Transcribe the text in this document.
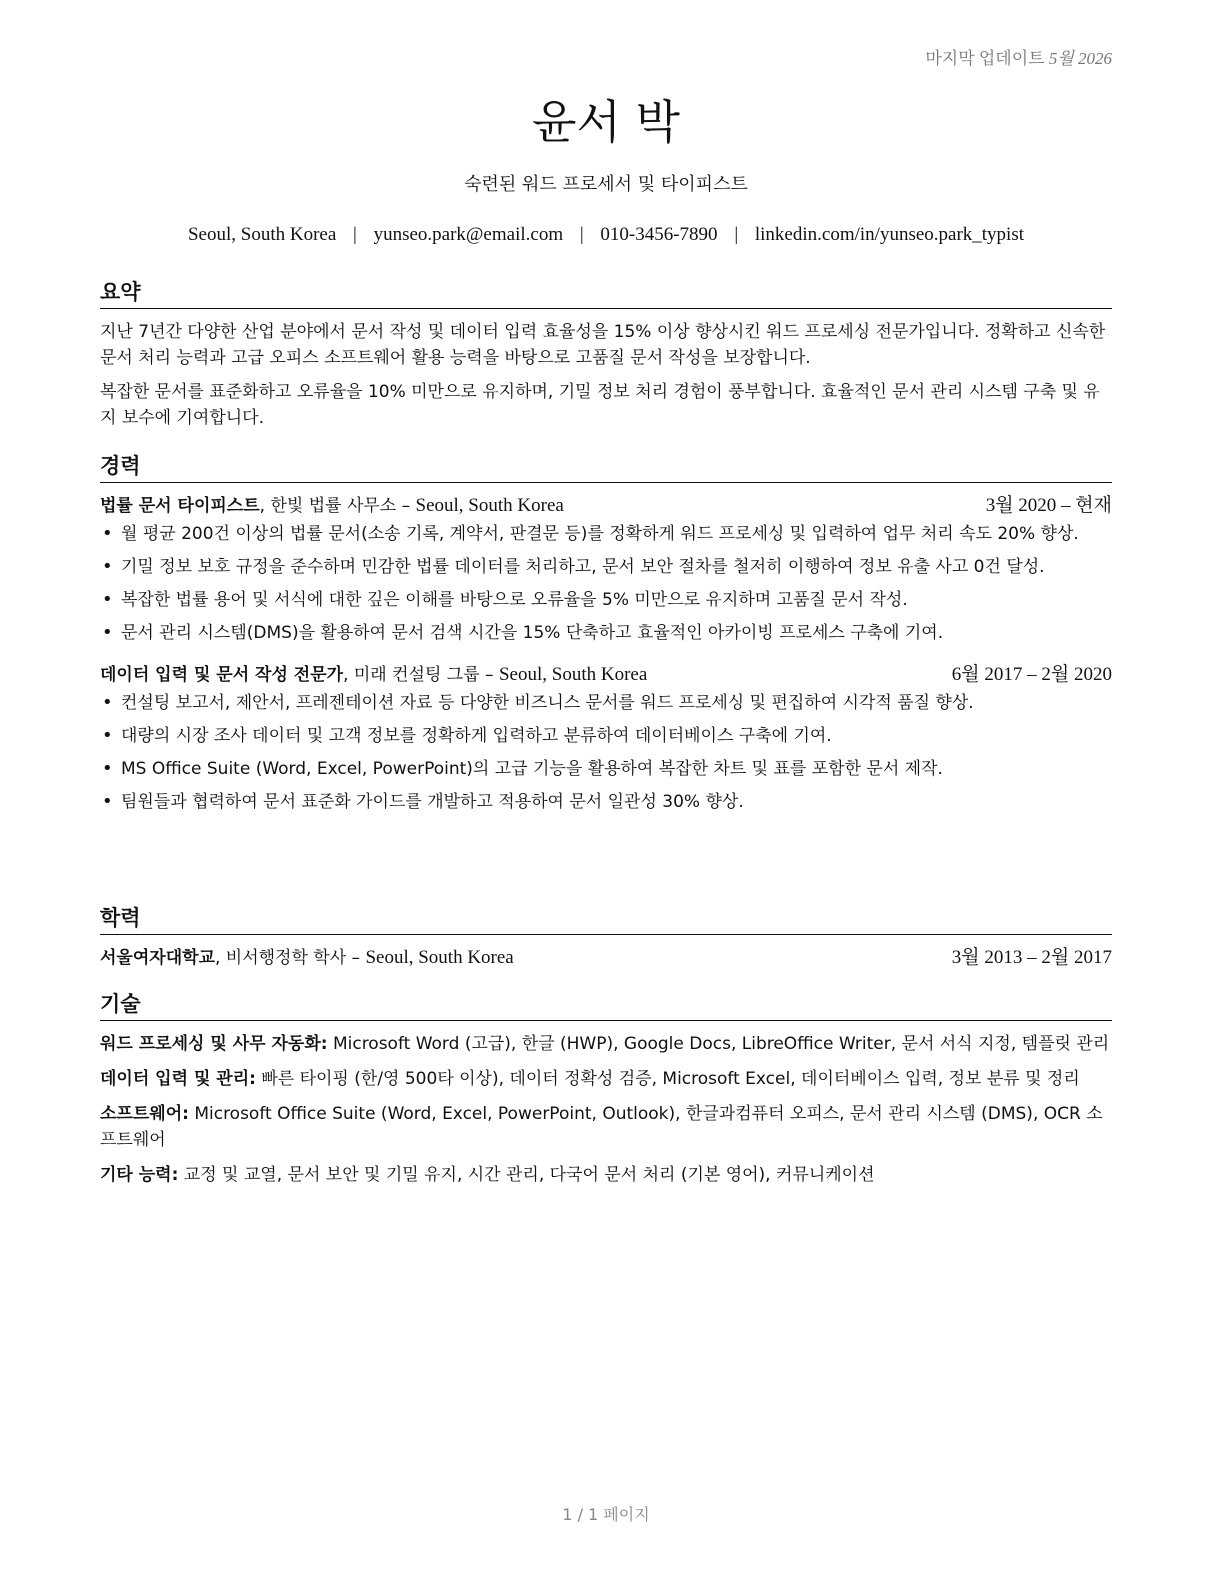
마지막 업데이트 5월 2026
윤서 박
숙련된 워드 프로세서 및 타이피스트
Seoul, South Korea | yunseo.park@email.com | 010-3456-7890 | linkedin.com/in/yunseo.park_typist
요약

지난 7년간 다양한 산업 분야에서 문서 작성 및 데이터 입력 효율성을 15% 이상 향상시킨 워드 프로세싱 전문가입니다. 정확하고 신속한 문서 처리 능력과 고급 오피스 소프트웨어 활용 능력을 바탕으로 고품질 문서 작성을 보장합니다.

복잡한 문서를 표준화하고 오류율을 10% 미만으로 유지하며, 기밀 정보 처리 경험이 풍부합니다. 효율적인 문서 관리 시스템 구축 및 유지 보수에 기여합니다.

경력
법률 문서 타이피스트, 한빛 법률 사무소 – Seoul, South Korea	3월 2020 – 현재
• 월 평균 200건 이상의 법률 문서(소송 기록, 계약서, 판결문 등)를 정확하게 워드 프로세싱 및 입력하여 업무 처리 속도 20% 향상.
• 기밀 정보 보호 규정을 준수하며 민감한 법률 데이터를 처리하고, 문서 보안 절차를 철저히 이행하여 정보 유출 사고 0건 달성.
• 복잡한 법률 용어 및 서식에 대한 깊은 이해를 바탕으로 오류율을 5% 미만으로 유지하며 고품질 문서 작성.
• 문서 관리 시스템(DMS)을 활용하여 문서 검색 시간을 15% 단축하고 효율적인 아카이빙 프로세스 구축에 기여.
데이터 입력 및 문서 작성 전문가, 미래 컨설팅 그룹 – Seoul, South Korea	6월 2017 – 2월 2020
• 컨설팅 보고서, 제안서, 프레젠테이션 자료 등 다양한 비즈니스 문서를 워드 프로세싱 및 편집하여 시각적 품질 향상.
• 대량의 시장 조사 데이터 및 고객 정보를 정확하게 입력하고 분류하여 데이터베이스 구축에 기여.
• MS Office Suite (Word, Excel, PowerPoint)의 고급 기능을 활용하여 복잡한 차트 및 표를 포함한 문서 제작.
• 팀원들과 협력하여 문서 표준화 가이드를 개발하고 적용하여 문서 일관성 30% 향상.
학력
서울여자대학교, 비서행정학 학사 – Seoul, South Korea	3월 2013 – 2월 2017
기술

워드 프로세싱 및 사무 자동화: Microsoft Word (고급), 한글 (HWP), Google Docs, LibreOffice Writer, 문서 서식 지정, 템플릿 관리

데이터 입력 및 관리: 빠른 타이핑 (한/영 500타 이상), 데이터 정확성 검증, Microsoft Excel, 데이터베이스 입력, 정보 분류 및 정리

소프트웨어: Microsoft Office Suite (Word, Excel, PowerPoint, Outlook), 한글과컴퓨터 오피스, 문서 관리 시스템 (DMS), OCR 소프트웨어

기타 능력: 교정 및 교열, 문서 보안 및 기밀 유지, 시간 관리, 다국어 문서 처리 (기본 영어), 커뮤니케이션

1 / 1 페이지
